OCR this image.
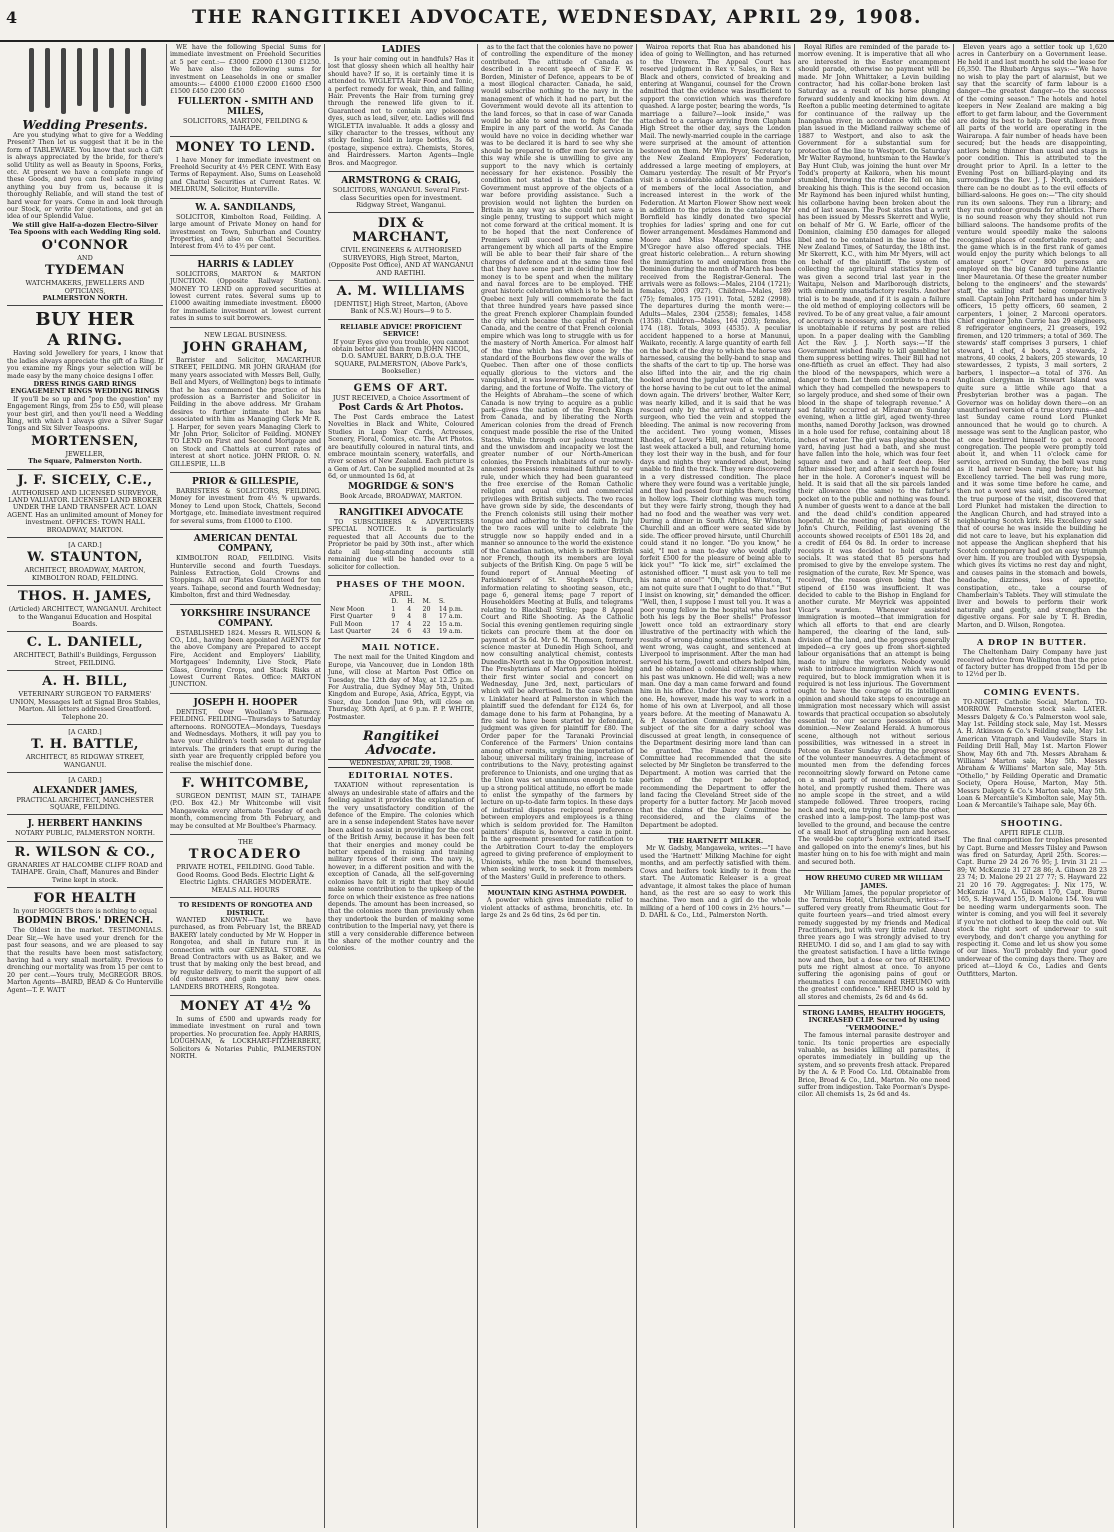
4	THE RANGITIKEI ADVOCATE, WEDNESDAY, APRIL 29, 1908.
Wedding Presents.
Are you studying what to give for a Wedding Present? Then let us suggest that it be in the form of TABLEWARE. You know that such a Gift is always appreciated by the bride, for there's solid Utility as well as Beauty in Spoons, Forks, etc. At present we have a complete range of these Goods, and you can feel safe in giving anything you buy from us, because it is thoroughly Reliable, and will stand the test of hard wear for years. Come in and look through our Stock, or write for quotations, and get an idea of our Splendid Value.
We still give Half-a-dozen Electro-Silver Tea Spoons with each Wedding Ring sold.
O'CONNOR
AND
TYDEMAN
WATCHMAKERS, JEWELLERS AND OPTICIANS,
PALMERSTON NORTH.
BUY HER
A RING.
Having sold Jewellery for years, I know that the ladies always appreciate the gift of a Ring. If you examine my Rings your selection will be made easy by the many choice designs I offer.
DRESS RINGS GARD RINGS ENGAGEMENT RINGS WEDDING RINGS
If you'll be so up and "pop the question" my Engagement Rings, from 25s to £50, will please your best girl, and then you'll need a Wedding Ring, with which I always give a Silver Sugar Tongs and Six Silver Teaspoons.
MORTENSEN,
JEWELLER,
The Square, Palmerston North.
J. F. SICELY, C.E.,
AUTHORISED AND LICENSED SURVEYOR, LAND VALUATOR. LICENSED LAND BROKER UNDER THE LAND TRANSFER ACT. LOAN AGENT. Has an unlimited amount of Money for investment. OFFICES: TOWN HALL BROADWAY, MARTON.
[A CARD.]
W. STAUNTON,
ARCHITECT, BROADWAY, MARTON, KIMBOLTON ROAD, FEILDING.
THOS. H. JAMES,
(Articled) ARCHITECT, WANGANUI. Architect to the Wanganui Education and Hospital Boards.
C. L. DANIELL,
ARCHITECT, Bathill's Buildings, Fergusson Street, FEILDING.
A. H. BILL,
VETERINARY SURGEON TO FARMERS' UNION, Messages left at Signal Bros Stables, Marton. All letters addressed Greatford. Telephone 20.
[A CARD.]
T. H. BATTLE,
ARCHITECT, 85 RIDGWAY STREET, WANGANUI.
[A CARD.]
ALEXANDER JAMES,
PRACTICAL ARCHITECT, MANCHESTER SQUARE, FEILDING.
J. HERBERT HANKINS
NOTARY PUBLIC, PALMERSTON NORTH.
R. WILSON & CO.,
GRANARIES AT HALCOMBE CLIFF ROAD and TAIHAPE. Grain, Chaff, Manures and Binder Twine kept in stock.
FOR HEALTH
In your HOGGETS there is nothing to equal
BODMIN BROS.' DRENCH.
The Oldest in the market. TESTIMONIALS. Dear Sir,—We have used your drench for the past four seasons, and we are pleased to say that the results have been most satisfactory, having had a very small mortality. Previous to drenching our mortality was from 15 per cent to 20 per cent.—Yours truly, McGREGOR BROS. Marton Agents—BAIRD, BEAD & Co Hunterville Agent—T. F. WATT
WE have the following Special Sums for immediate investment on Freehold Securities at 5 per cent.:— £3000 £2000 £1300 £1250. We have also the following sums for investment on Leaseholds in one or smaller amounts:— £4000 £1000 £2000 £1600 £500 £1500 £450 £200 £450
FULLERTON - SMITH AND MILES,
SOLICITORS, MARTON, FEILDING & TAIHAPE.
MONEY TO LEND.
I have Money for immediate investment on Freehold Security at 4½ PER CENT. With Easy Terms of Repayment. Also, Sums on Leasehold and Chattel Securities at Current Rates. W. MELDRUM, Solicitor, Hunterville.
W. A. SANDILANDS,
SOLICITOR, Kimbolton Road, Feilding. A large amount of Private Money on hand for investment on Town, Suburban and Country Properties, and also on Chattel Securities. Interest from 4½ to 4½ per cent.
HARRIS & LADLEY
SOLICITORS, MARTON & MARTON JUNCTION. (Opposite Railway Station). MONEY TO LEND on approved securities at lowest current rates. Several sums up to £1000 awaiting immediate investment. £6000 for immediate investment at lowest current rates in sums to suit borrowers.
NEW LEGAL BUSINESS.
JOHN GRAHAM,
Barrister and Solicitor, MACARTHUR STREET, FEILDING. MR JOHN GRAHAM (for many years associated with Messrs Bell, Gully, Bell and Myers, of Wellington) begs to intimate that he has commenced the practice of his profession as a Barrister and Solicitor in Feilding in the above address. Mr Graham desires to further intimate that he has associated with him as Managing Clerk Mr R. J. Harper, for seven years Managing Clerk to Mr John Prior, Solicitor of Feilding. MONEY TO LEND on First and Second Mortgage and on Stock and Chattels at current rates of interest at short notice. JOHN PRIOR. O. N. GILLESPIE, LL.B
PRIOR & GILLESPIE,
BARRISTERS & SOLICITORS, FEILDING. Money for investment from 4½ % upwards. Money to Lend upon Stock, Chattels, Second Mortgage, etc. Immediate investment required for several sums, from £1000 to £100.
AMERICAN DENTAL COMPANY,
KIMBOLTON ROAD, FEILDING. Visits Hunterville second and fourth Tuesdays. Painless Extraction, Gold Crowns and Stoppings. All our Plates Guaranteed for ten years. Taihape, second and fourth Wednesday; Kimbolton, first and third Wednesday.
YORKSHIRE INSURANCE COMPANY.
ESTABLISHED 1824. Messrs R. WILSON & CO., Ltd., having been appointed AGENTS for the above Company are Prepared to accept Fire, Accident and Employers' Liability, Mortgagees' Indemnity, Live Stock, Plate Glass, Growing Crops, and Stack Risks at Lowest Current Rates. Office: MARTON JUNCTION.
JOSEPH H. HOOPER
DENTIST, Over Woollam's Pharmacy. FEILDING. FEILDING—Thursdays to Saturday afternoons. RONGOTEA—Mondays, Tuesdays and Wednesdays. Mothers, it will pay you to have your children's teeth seen to at regular intervals. The grinders that erupt during the sixth year are frequently crippled before you realise the mischief done.
F. WHITCOMBE,
SURGEON DENTIST, MAIN ST., TAIHAPE (P.O. Box 42.) Mr Whitcombe will visit Mangaweka every alternate Tuesday of each month, commencing from 5th February, and may be consulted at Mr Boultbee's Pharmacy.
THE
TROCADERO
PRIVATE HOTEL, FEILDING. Good Table. Good Rooms. Good Beds. Electric Light & Electric Lights. CHARGES MODERATE. MEALS ALL HOURS
TO RESIDENTS OF RONGOTEA AND DISTRICT.
WANTED KNOWN—That we have purchased, as from February 1st, the BREAD BAKERY lately conducted by Mr W. Hopper in Rongotea, and shall in future run it in connection with our GENERAL STORE. As Bread Contractors with us as Baker, and we trust that by making only the best bread, and by regular delivery, to merit the support of all old customers and gain many new ones. LANDERS BROTHERS, Rongotea.
MONEY AT 4½ %
In sums of £500 and upwards ready for immediate investment on rural and town properties. No procuration fee. Apply HARRIS, LOUGHNAN, & LOCKHART-FITZHERBERT, Solicitors & Notaries Public, PALMERSTON NORTH.
LADIES
Is your hair coming out in handfuls? Has it lost that glossy sheen which all healthy hair should have? If so, it is certainly time it is attended to. WIGLETTA Hair Food and Tonic, a perfect remedy for weak, thin, and falling Hair. Prevents the Hair from turning grey through the renewed life given to it. Guaranteed not to contain any poisonous dyes, such as lead, silver, etc. Ladies will find WIGLETTA invaluable. It adds a glossy and silky character to the tresses, without any sticky feeling. Sold in large bottles, 3s 6d (postage, sixpence extra). Chemists, Stores, and Hairdressers. Marton Agents—Ingle Bros. and Macgregor.
ARMSTRONG & CRAIG,
SOLICITORS, WANGANUI. Several First-class Securities open for investment. Ridgway Street, Wanganui.
DIX & MARCHANT,
CIVIL ENGINEERS & AUTHORISED SURVEYORS, High Street, Marton, (Opposite Post Office), AND AT WANGANUI AND RAETIHI.
A. M. WILLIAMS
[DENTIST,] High Street, Marton, (Above Bank of N.S.W.) Hours—9 to 5.
RELIABLE ADVICE! PROFICIENT SERVICE!
If your Eyes give you trouble, you cannot obtain better aid than from JOHN NICOL, D.O. SAMUEL BARRY, D.B.O.A. THE SQUARE, PALMERSTON, (Above Park's, Bookseller.)
GEMS OF ART.
JUST RECEIVED, a Choice Assortment of
Post Cards & Art Photos.
The Post Cards embrace the Latest Novelties in Black and White, Coloured Studies in Leap Year Cards, Actresses, Scenery, Floral, Comics, etc. The Art Photos. are beautifully coloured in natural tints, and embrace mountain scenery, waterfalls, and river scenes of New Zealand. Each picture is a Gem of Art. Can be supplied mounted at 2s 6d, or unmounted 1s 6d, at
MOGRIDGE & SON'S
Book Arcade, BROADWAY, MARTON.
RANGITIKEI ADVOCATE
TO SUBSCRIBERS & ADVERTISERS SPECIAL NOTICE. It is particularly requested that all Accounts due to the Proprietor be paid by 30th inst., after which date all long-standing accounts still remaining due will be handed over to a solicitor for collection.
PHASES OF THE MOON.
APRIL.
	D.	H.	M.	S.
New Moon	1	4	20	14 p.m.
First Quarter	9	4	8	17 a.m.
Full Moon	17	4	22	15 a.m.
Last Quarter	24	6	43	19 a.m.
MAIL NOTICE.
The next mail for the United Kingdom and Europe, via Vancouver, due in London 18th June, will close at Marton Post Office on Tuesday, the 12th day of May, at 12.25 p.m. For Australia, due Sydney May 5th, United Kingdom and Europe, Asia, Africa, Egypt, via Suez, due London June 9th, will close on Thursday, 30th April, at 6 p.m. P. P. WHITE, Postmaster.
Rangitikei Advocate.
WEDNESDAY, APRIL 29, 1908.
EDITORIAL NOTES.
TAXATION without representation is always an undesirable state of affairs and the feeling against it provides the explanation of the very unsatisfactory condition of the defence of the Empire. The colonies which are in a sense independent States have never been asked to assist in providing for the cost of the British Army, because it has been felt that their energies and money could be better expended in raising and training military forces of their own. The navy is, however, in a different position and with the exception of Canada, all the self-governing colonies have felt it right that they should make some contribution to the upkeep of the force on which their existence as free nations depends. The amount has been increased, so that the colonies more than previously when they undertook the burden of making some contribution to the Imperial navy, yet there is still a very considerable difference between the share of the mother country and the colonies.
as to the fact that the colonies have no power of controlling the expenditure of the money contributed. The attitude of Canada as described in a recent speech of Sir F. W. Borden, Minister of Defence, appears to be of a most illogical character. Canada, he said, would subscribe nothing to the navy in the management of which it had no part, but the Government would devote all its attention to the land forces, so that in case of war Canada would be able to send men to fight for the Empire in any part of the world. As Canada would have no voice in deciding whether war was to be declared it is hard to see why she should be prepared to offer men for service in this way while she is unwilling to give any support to the navy which is certainly necessary for her existence. Possibly the condition not stated is that the Canadian Government must approve of the objects of a war before providing assistance. Such a provision would not lighten the burden on Britain in any way as she could not save a single penny, trusting to support which might not come forward at the critical moment. It is to be hoped that the next Conference of Premiers will succeed in making some arrangement by which all parts of the Empire will be able to bear their fair share of the charges of defence and at the same time feel that they have some part in deciding how the money is to be spent and when the military and naval forces are to be employed. THE great historic celebration which is to be held in Quebec next July will commemorate the fact that three hundred years have passed since the great French explorer Champlain founded the city which became the capital of French Canada, and the centre of that French colonial empire which was long to struggle with us for the mastery of North America. For almost half of the time which has since gone by the standard of the Bourbons flew over the walls of Quebec. Then after one of those conflicts equally glorious to the victors and the vanquished, it was lowered by the gallant, the daring, and the fortune of Wolfe. The victory of the Heights of Abraham—the scene of which Canada is now trying to acquire as a public park—gives the nation of the French Kings from Canada, and by liberating the North American colonies from the dread of French conquest made possible the rise of the United States. While through our jealous treatment and the unwisdom and incapacity we lost the greater number of our North-American colonies, the French inhabitants of our newly-annexed possessions remained faithful to our rule, under which they had been guaranteed the free exercise of the Roman Catholic religion and equal civil and commercial privileges with British subjects. The two races have grown side by side, the descendants of the French colonists still using their mother tongue and adhering to their old faith. In July the two races will unite to celebrate the struggle now so happily ended and in a manner so announce to the world the existence of the Canadian nation, which is neither British nor French, though its members are loyal subjects of the British King. On page 5 will be found report of Annual Meeting of Parishioners' of St. Stephen's Church, information relating to shooting season, etc.; page 6, general items; page 7 report of Householders Meeting at Bulls, and telegrams relating to Blackball Strike; page 8 Appeal Court and Rifle Shooting. As the Catholic Social this evening gentlemen requiring single tickets can procure them at the door on payment of 3s 6d. Mr G. M. Thomson, formerly science master at Dunedin High School, and now consulting analytical chemist, contests Dunedin-North seat in the Opposition interest. The Presbyterians of Marton propose holding their first winter social and concert on Wednesday, June 3rd, next, particulars of which will be advertised. In the case Spelman v. Linklater heard at Palmerston in which the plaintiff sued the defendant for £124 6s, for damage done to his farm at Pohangina, by a fire said to have been started by defendant, judgment was given for plaintiff for £80. The Order paper for the Taranaki Provincial Conference of the Farmers' Union contains among other remits, urging the importation of labour, universal military training, increase of contributions to the Navy, protesting against preference to Unionists, and one urging that as the Union was set unanimous enough to take up a strong political attitude, no effort be made to enlist the sympathy of the farmers by lecture on up-to-date farm topics. In these days of industrial disputes reciprocal preference between employers and employees is a thing which is seldom provided for. The Hamilton painters' dispute is, however, a case in point. In the agreement presented for ratification to the Arbitration Court to-day the employers agreed to giving preference of employment to Unionists, while the men bound themselves, when seeking work, to seek it from members of the Masters' Guild in preference to others.
MOUNTAIN KING ASTHMA POWDER.
A powder which gives immediate relief to violent attacks of asthma, bronchitis, etc. In large 2s and 2s 6d tins, 2s 6d per tin.
Wairoa reports that Rua has abandoned his idea of going to Wellington, and has returned to the Urewera. The Appeal Court has reserved judgment in Rex v. Sales, in Rex v. Black and others, convicted of breaking and entering at Wanganui, counsel for the Crown admitted that the evidence was insufficient to support the conviction which was therefore quashed. A large poster, bearing the words, "Is marriage a failure?—look inside," was attached to a carriage arriving from Clapham High Street the other day, says the London Mail. The newly-married couple in the carriage were surprised at the amount of attention bestowed on them. Mr Wm. Pryor, Secretary to the New Zealand Employers' Federation, addressed a large meeting of employers, at Oamaru yesterday. The result of Mr Pryor's visit is a considerable addition to the number of members of the local Association, and increased interest in the work of the Federation. At Marton Flower Show next week in addition to the prizes in the catalogue Mr Bornfield has kindly donated two special trophies for ladies' spring and one for cut flower arrangement. Mesdames Hammond and Moore and Miss Macgregor and Miss M'Gregor have also offered specials. THE great historic celebration... A return showing the immigration to and emigration from the Dominion during the month of March has been received from the Registrar-General. The arrivals were as follows:—Males, 2104 (1721); females, 2003 (927). Children—Males, 189 (75); females, 175 (191). Total, 5282 (2998). The departures during the month were:—Adults—Males, 2304 (2558); females, 1458 (1358). Children—Males, 164 (203); females, 174 (18). Totals, 3093 (4535). A peculiar accident happened to a horse at Manunui, Waikato, recently. A large quantity of earth fell on the back of the dray to which the horse was harnessed, causing the belly-band to snap and the shafts of the cart to tip up. The horse was also lifted into the air, and the rig chain hooked around the jugular vein of the animal, the horse having to be cut out to let the animal down again. The drivers' brother, Walter Kerr, was nearly killed, and it is said that he was rescued only by the arrival of a veterinary surgeon, who tied the vein and stopped the bleeding. The animal is now recovering from the accident. Two young women, Misses Rhodes, of Lover's Hill, near Colac, Victoria, last week attacked a bull, and returning home they lost their way in the bush, and for four days and nights they wandered about, being unable to find the track. They were discovered in a very distressed condition. The place where they were found was a veritable jungle, and they had passed four nights there, resting in hollow logs. Their clothing was much torn, but they were fairly strong, though they had had no food and the weather was very wet. During a dinner in South Africa, Sir Winston Churchill and an officer were seated side by side. The officer proved hirsute, until Churchill could stand it no longer. "Do you know," he said, "I met a man to-day who would gladly forfeit £500 for the pleasure of being able to kick you!" "To kick me, sir!" exclaimed the astonished officer. "I must ask you to tell me his name at once!" "Oh," replied Winston, "I am not quite sure that I ought to do that." "But I insist on knowing, sir," demanded the officer. "Well, then, I suppose I must tell you. It was a poor young fellow in the hospital who has lost both his legs by the Boer shells!" Professor Jowett once told an extraordinary story illustrative of the pertinacity with which the results of wrong-doing sometimes stick. A man went wrong, was caught, and sentenced at Liverpool to imprisonment. After the man had served his term, Jowett and others helped him, and he obtained a colonial citizenship where his past was unknown. He did well; was a new man. One day a man came forward and found him in his office. Under the roof was a rotted one. He, however, made his way to work in a home of his own at Liverpool, and all those years before. At the meeting of Manawatu A. & P. Association Committee yesterday the subject of the site for a dairy school was discussed at great length, in consequence of the Department desiring more land than can be granted. The Finance and Grounds Committee had recommended that the site selected by Mr Singleton be transferred to the Department. A motion was carried that the portion of the report be adopted, recommending the Department to offer the land facing the Cleveland Street side of the property for a butter factory. Mr Jacob moved that the claims of the Dairy Committee be reconsidered, and the claims of the Department be adopted.
THE HARTNETT MILKER.
Mr W. Gadsby, Mangaweka, writes:—"I have used the 'Hartnett' Milking Machine for eight months, and am perfectly satisfied with them. Cows and heifers took kindly to it from the start. The Automatic Releaser is a great advantage, it almost takes the place of human hand, as the rest are so easy to work this machine. Two men and a girl do the whole milking of a herd of 100 cows in 2½ hours."—D. DAHL & Co., Ltd., Palmerston North.
Royal Rifles are reminded of the parade to-morrow evening. It is imperative that all who are interested in the Easter encampment should parade, otherwise no payment will be made. Mr John Whittaker, a Levin building contractor, had his collar-bone broken last Saturday as a result of his horse plunging forward suddenly and knocking him down. At Reefton a public meeting determined to agitate for continuance of the railway up the Inangahua river, in accordance with the old plan issued in the Midland railway scheme of 1887 to Westport, and also to ask the Government for a substantial sum for protection of the line to Westport. On Saturday Mr Walter Raymond, huntsman to the Hawke's Bay Hunt Club, was joining the hunt over Mr Todd's property at Kaikora, when his mount stumbled, throwing the rider. He fell on him, breaking his thigh. This is the second occasion Mr Raymond has been injured whilst hunting, his collarbone having been broken about the end of last season. The Post states that a writ has been issued by Messrs Skerrett and Wylie, on behalf of Mr G. W. Earle, officer of the Dominion, claiming £50 damages for alleged libel and to be contained in the issue of the New Zealand Times, of Saturday, the 18th inst. Mr Skerrett, K.C., with him Mr Myers, will act on behalf of the plaintiff. The system of collecting the agricultural statistics by post was given a second trial last year in the Waitapu, Nelson and Marlborough districts, with eminently unsatisfactory results. Another trial is to be made, and if it is again a failure the old method of employing collectors will be revived. To be of any great value, a fair amount of accuracy is necessary, and it seems that this is unobtainable if returns by post are relied upon. In a paper dealing with the Gambling Act the Rev. J. J. North says:—"If the Government wished finally to kill gambling let them suppress betting wires. Their Bill had not one-fiftieth as cruel an effect. They had also the blood of the newspapers, which were a danger to them. Let them contribute to a result which they had compelled the newspapers to so largely produce, and shed some of their own blood in the shape of telegraph revenue." A sad fatality occurred at Miramar on Sunday evening, when a little girl, aged twenty-three months, named Dorothy Jackson, was drowned in a hole used for refuse, containing about 18 inches of water. The girl was playing about the yard, having just had a bath, and she must have fallen into the hole, which was four feet square and two and a half feet deep. Her father missed her, and after a search he found her in the hole. A Coroner's inquest will be held. It is said that all the six parcels landed their allowance (the same) to the father's pocket on to the public and nothing was found. A number of guests went to a dance at the ball and the dead child's condition appeared hopeful. At the meeting of parishioners of St John's Church, Feilding, last evening the accounts showed receipts of £501 18s 2d, and a credit of £64 0s 8d. In order to increase receipts it was decided to hold quarterly socials. It was stated that 85 persons had promised to give by the envelope system. The resignation of the curate, Rev. Mr Spence, was received, the reason given being that the stipend of £150 was insufficient. It was decided to cable to the Bishop in England for another curate. Mr Meyrick was appointed Vicar's warden. Whenever assisted immigration is mooted—that immigration for which all efforts to that end are clearly hampered, the clearing of the land, sub-division of the land, and the progress generally impeded—a cry goes up from short-sighted labour organisations that an attempt is being made to injure the workers. Nobody would wish to introduce immigration which was not required, but to block immigration when it is required is not less injurious. The Government ought to have the courage of its intelligent opinion and should take steps to encourage an immigration most necessary which will assist towards that practical occupation so absolutely essential to our secure possession of this dominion.—New Zealand Herald. A humorous scene, although not without serious possibilities, was witnessed in a street in Petone on Easter Sunday during the progress of the volunteer manoeuvres. A detachment of mounted men from the defending forces reconnoitring slowly forward on Petone came on a small party of mounted raiders at an hotel, and promptly rushed them. There was no ample scope in the street, and a wild stampede followed. Three troopers, racing neck and neck, one trying to capture the other, crashed into a lamp-post. The lamp-post was levelled to the ground, and because the centre of a small knot of struggling men and horses. The would-be captor's horse extricated itself and galloped on into the enemy's lines, but his master hung on to his foe with might and main and secured both.
HOW RHEUMO CURED MR WILLIAM JAMES.
Mr William James, the popular proprietor of the Terminus Hotel, Christchurch, writes:—"I suffered very greatly from Rheumatic Gout for quite fourteen years—and tried almost every remedy suggested by my friends and Medical Practitioners, but with very little relief. About three years ago I was strongly advised to try RHEUMO. I did so, and I am glad to say with the greatest satisfaction. I have a little twinge now and then, but a dose or two of RHEUMO puts me right almost at once. To anyone suffering the agonising pains of gout or rheumatics I can recommend RHEUMO with the greatest confidence." RHEUMO is sold by all stores and chemists, 2s 6d and 4s 6d.
STRONG LAMBS, HEALTHY HOGGETS, INCREASED CLIP. Secured by using "VERMOOINE."
The famous internal parasite destroyer and tonic. Its tonic properties are especially valuable, as besides killing all parasites, it operates immediately in building up the system, and so prevents fresh attack. Prepared by the A. & P. Food Co. Ltd. Obtainable from Brice, Broad & Co., Ltd., Marton. No one need suffer from indigestion. Take Poorman's Dyspe-cilor. All chemists 1s, 2s 6d and 4s.
Eleven years ago a settler took up 1,620 acres in Canterbury on a Government lease. He held it and last month he sold the lease for £6,350. The Rhubarb Argus says:—"We have no wish to play the part of alarmist, but we say that the scarcity of farm labour is a danger—the greatest danger—to the success of the coming season." The hotels and hotel keepers in New Zealand are making a big effort to get farm labour, and the Government are doing its best to help. Deer stalkers from all parts of the world are operating in the Wairarapa. A fair number of heads have been secured; but the heads are disappointing, antlers being thinner than usual and stags in poor condition. This is attributed to the drought prior to April. In a letter to the Evening Post on billiard-playing and its surroundings the Rev. J. J. North, considers there can be no doubt as to the evil effects of billiard-saloons. He goes on:—"The city should run its own saloons. They run a library; and they run outdoor grounds for athletics. There is no sound reason why they should not run billiard saloons. The handsome profits of the venture would speedily make the saloons recognised places of comfortable resort; and the game which is in the first rank of games would enjoy the purity which belongs to all amateur sport." Over 800 persons are employed on the big Canard turbine Atlantic liner Mauretania. Of these the greater number belong to the engineers' and the stewards' staff, the sailing staff being comparatively small. Captain John Pritchard has under him 3 officers, 15 petty officers, 60 seamen, 2 carpenters, 1 joiner, 2 Marconi operators. Chief engineer John Currie has 29 engineers, 8 refrigerator engineers, 21 greasers, 192 firemen, and 120 trimmers; a total of 369. The stewards' staff comprises 3 pursers, 1 chief steward, 1 chef, 4 boots, 2 stewards, 2 matrons, 40 cooks, 2 bakers, 205 stewards, 10 stewardesses, 2 typists, 3 mail sorters, 2 barbers, 1 inspector—a total of 376. An Anglican clergyman in Stewart Island was quite sure a little while ago that a Presbyterian brother was a pagan. The Governor was on holiday down there—on an unauthorised version of a true story runs—and last Sunday came round Lord Plunket announced that he would go to church. A message was sent to the Anglican pastor, who at once bestirred himself to get a record congregation. The people were promptly told about it, and when 11 o'clock came for service, arrived on Sunday, the bell was rung as it had never been rung before; but his Excellency tarried. The bell was rung more, and it was some time before he came, and then not a word was said, and the Governor, the true purpose of the visit, discovered that Lord Plunket had mistaken the direction to the Anglican Church, and had strayed into a neighbouring Scotch kirk. His Excellency said that of course he was inside the building he did not care to leave, but his explanation did not appease the Anglican shepherd that his Scotch contemporary had got an easy triumph over him. If you are troubled with Dyspepsia, which gives its victims no rest day and night, and causes pains in the stomach and bowels, headache, dizziness, loss of appetite, constipation, etc., take a course of Chamberlain's Tablets. They will stimulate the liver and bowels to perform their work naturally and gently, and strengthen the digestive organs. For sale by T. H. Bredin, Marton, and D. Wilson, Rongotea.
A DROP IN BUTTER.
The Cheltenham Dairy Company have just received advice from Wellington that the price of factory butter has dropped from 15d per lb to 12½d per lb.
COMING EVENTS.
TO-NIGHT. Catholic Social, Marton. TO-MORROW. Palmerston stock sale. LATER. Messrs Dalgety & Co.'s Palmerston wool sale, May 1st. Feilding stock sale, May 1st. Messrs A. H. Atkinson & Co.'s Feilding sale, May 1st. American Vitagraph and Vaudeville Stars in Feilding Drill Hall, May 1st. Marton Flower Show, May 6th and 7th. Messrs Abraham & Williams' Marton sale, May 5th. Messrs Abraham & Williams' Marton sale, May 5th. "Othello," by Feilding Operatic and Dramatic Society, Opera House, Marton, May 5th. Messrs Dalgety & Co.'s Marton sale, May 5th. Loan & Mercantile's Kimbolton sale, May 5th. Loan & Mercantile's Taihape sale, May 6th.
SHOOTING.
APITI RIFLE CLUB.
The final competition for trophies presented by Capt. Burne and Messrs Tilsley and Pawson was fired on Saturday, April 25th. Scores:— Capt. Burne 29 24 26 76 95; J. Irvin 31 21 — 89; W. McKenzie 31 27 28 86; A. Gibson 28 23 23 74; D. Malone 29 21 27 77; S. Hayward 22 21 20 16 79. Aggregates: J. Nix 175, W. McKenzie 174, A. Gibson 170, Capt. Burne 165, S. Hayward 155, D. Malone 154. You will be needing warm undergarments soon. The winter is coming, and you will feel it severely if you're not clothed to keep the cold out. We stock the right sort of underwear to suit everybody, and don't charge you anything for respecting it. Come and let us show you some of our lines. You'll probably find your good underwear of the coming days there. They are priced at—Lloyd & Co., Ladies and Gents Outfitters, Marton.
